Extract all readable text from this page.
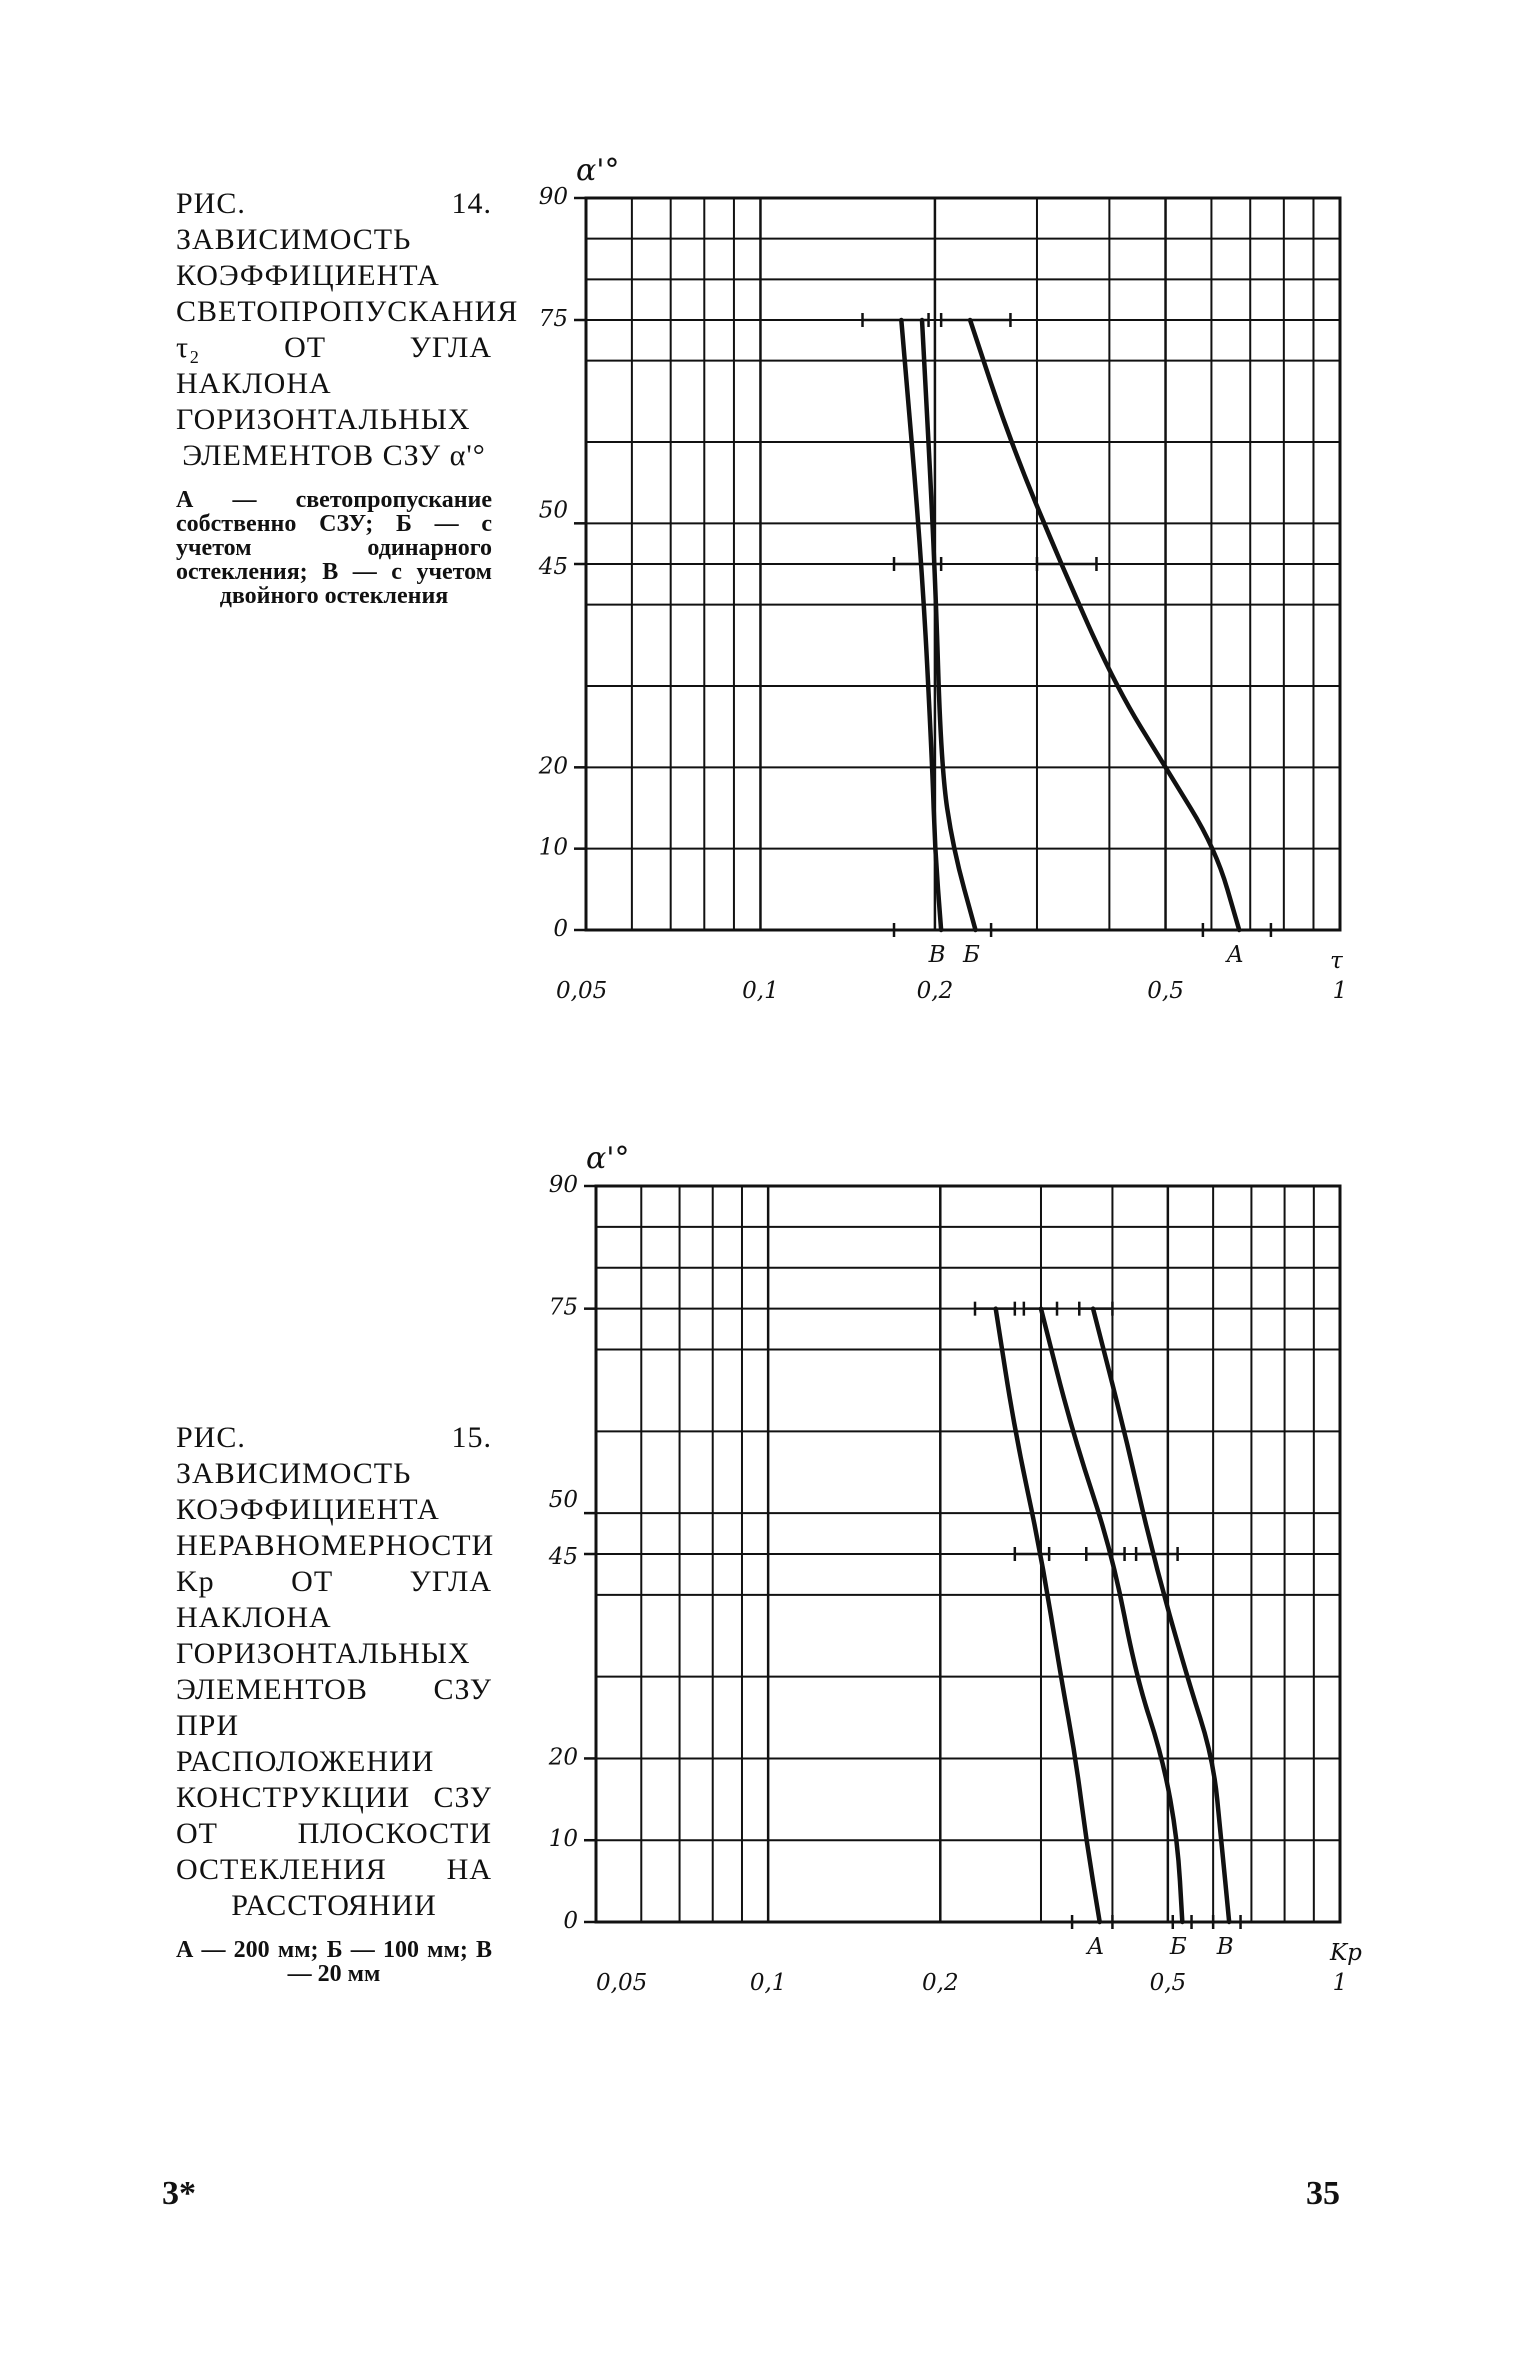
РИС. 14. ЗАВИСИМОСТЬ КОЭФФИЦИЕНТА СВЕТОПРОПУСКАНИЯ τ₂ ОТ УГЛА НАКЛОНА ГОРИЗОНТАЛЬНЫХ ЭЛЕМЕНТОВ СЗУ α'°
А — светопропускание собственно СЗУ; Б — с учетом одинарного остекления; В — с учетом двойного остекления
РИС. 15. ЗАВИСИМОСТЬ КОЭФФИЦИЕНТА НЕРАВНОМЕРНОСТИ Kр ОТ УГЛА НАКЛОНА ГОРИЗОНТАЛЬНЫХ ЭЛЕМЕНТОВ СЗУ ПРИ РАСПОЛОЖЕНИИ КОНСТРУКЦИИ СЗУ ОТ ПЛОСКОСТИ ОСТЕКЛЕНИЯ НА РАССТОЯНИИ
А — 200 мм; Б — 100 мм; В — 20 мм
0
10
20
45
50
75
90
0,05	0,1	0,2	0,5	1
α'°
τ
А
Б
В
0
10
20
45
50
75
90
0,05	0,1	0,2	0,5	1
α'°
Kp
А	Б В
3*	35
